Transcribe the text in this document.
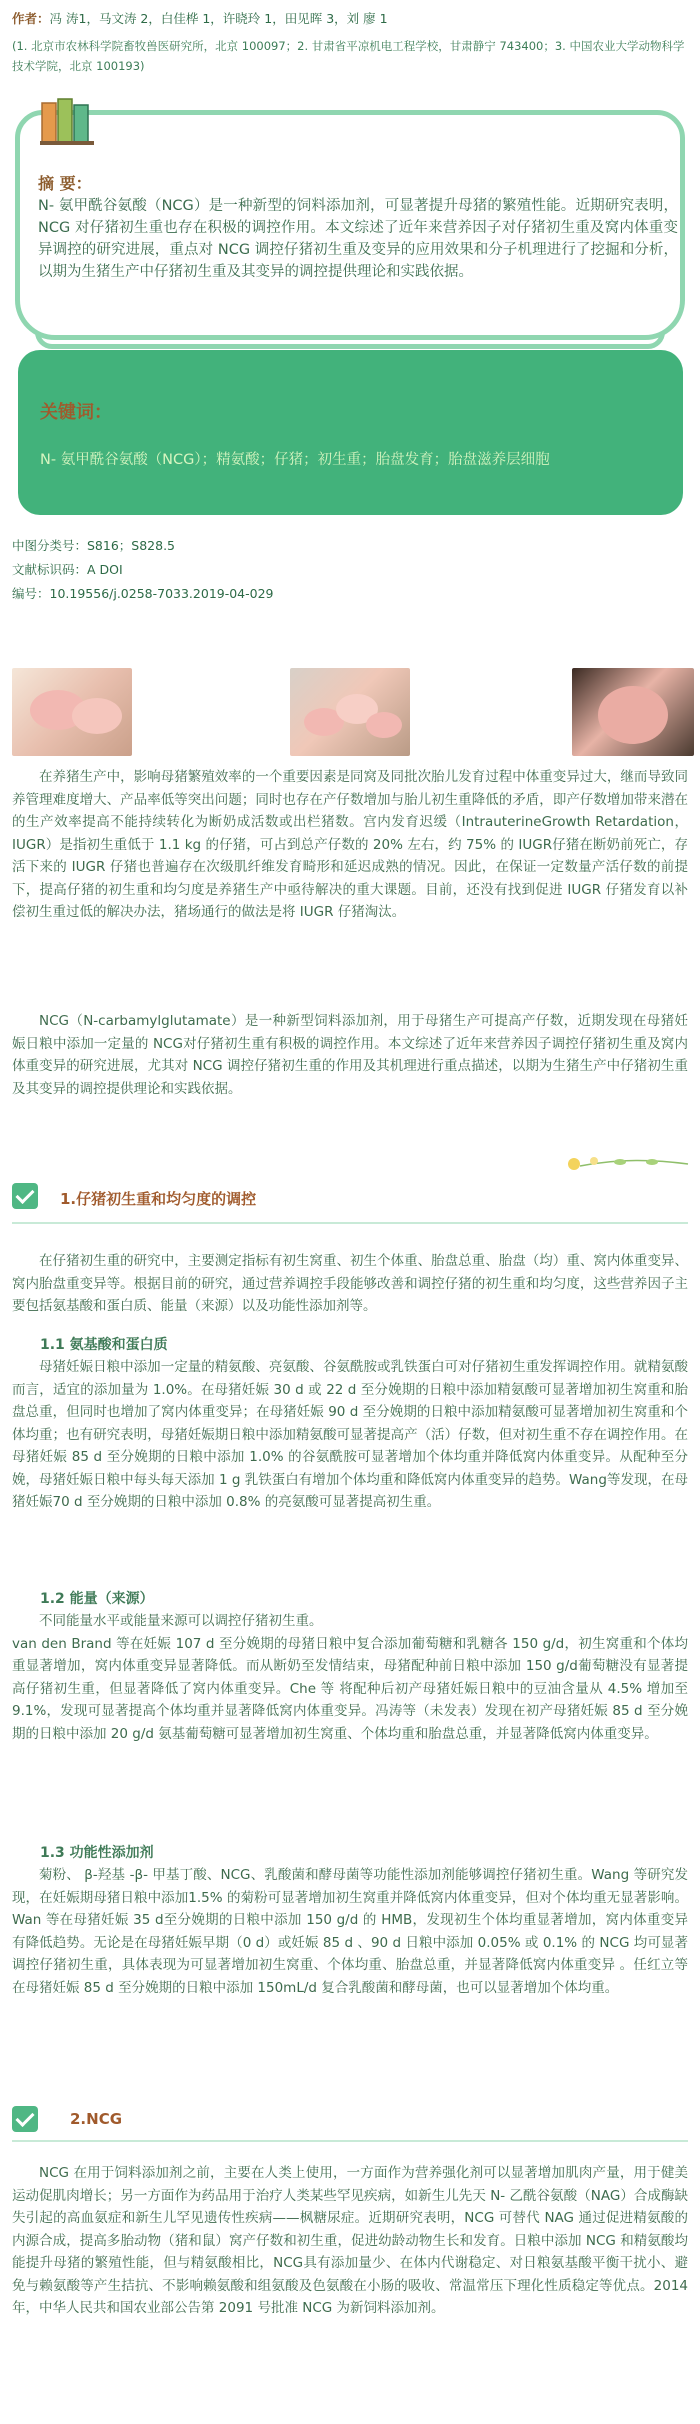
作者：冯 涛1，马文涛 2，白佳桦 1，许晓玲 1，田见晖 3，刘 廖 1
(1. 北京市农林科学院畜牧兽医研究所，北京 100097；2. 甘肃省平凉机电工程学校，甘肃静宁 743400；3. 中国农业大学动物科学技术学院，北京 100193)
摘 要：
N- 氨甲酰谷氨酸（NCG）是一种新型的饲料添加剂，可显著提升母猪的繁殖性能。近期研究表明，NCG 对仔猪初生重也存在积极的调控作用。本文综述了近年来营养因子对仔猪初生重及窝内体重变异调控的研究进展，重点对 NCG 调控仔猪初生重及变异的应用效果和分子机理进行了挖掘和分析，以期为生猪生产中仔猪初生重及其变异的调控提供理论和实践依据。
关键词：
N- 氨甲酰谷氨酸（NCG）；精氨酸；仔猪；初生重；胎盘发育；胎盘滋养层细胞
中图分类号：S816；S828.5
文献标识码：A DOI
编号：10.19556/j.0258-7033.2019-04-029
在养猪生产中，影响母猪繁殖效率的一个重要因素是同窝及同批次胎儿发育过程中体重变异过大，继而导致同养管理难度增大、产品率低等突出问题；同时也存在产仔数增加与胎儿初生重降低的矛盾，即产仔数增加带来潜在的生产效率提高不能持续转化为断奶成活数或出栏猪数。宫内发育迟缓（IntrauterineGrowth Retardation，IUGR）是指初生重低于 1.1 kg 的仔猪，可占到总产仔数的 20% 左右，约 75% 的 IUGR仔猪在断奶前死亡，存活下来的 IUGR 仔猪也普遍存在次级肌纤维发育畸形和延迟成熟的情况。因此，在保证一定数量产活仔数的前提下，提高仔猪的初生重和均匀度是养猪生产中亟待解决的重大课题。目前，还没有找到促进 IUGR 仔猪发育以补偿初生重过低的解决办法，猪场通行的做法是将 IUGR 仔猪淘汰。
NCG（N-carbamylglutamate）是一种新型饲料添加剂，用于母猪生产可提高产仔数，近期发现在母猪妊娠日粮中添加一定量的 NCG对仔猪初生重有积极的调控作用。本文综述了近年来营养因子调控仔猪初生重及窝内体重变异的研究进展，尤其对 NCG 调控仔猪初生重的作用及其机理进行重点描述，以期为生猪生产中仔猪初生重及其变异的调控提供理论和实践依据。
1.仔猪初生重和均匀度的调控
在仔猪初生重的研究中，主要测定指标有初生窝重、初生个体重、胎盘总重、胎盘（均）重、窝内体重变异、窝内胎盘重变异等。根据目前的研究，通过营养调控手段能够改善和调控仔猪的初生重和均匀度，这些营养因子主要包括氨基酸和蛋白质、能量（来源）以及功能性添加剂等。
1.1 氨基酸和蛋白质
母猪妊娠日粮中添加一定量的精氨酸、亮氨酸、谷氨酰胺或乳铁蛋白可对仔猪初生重发挥调控作用。就精氨酸而言，适宜的添加量为 1.0%。在母猪妊娠 30 d 或 22 d 至分娩期的日粮中添加精氨酸可显著增加初生窝重和胎盘总重，但同时也增加了窝内体重变异；在母猪妊娠 90 d 至分娩期的日粮中添加精氨酸可显著增加初生窝重和个体均重；也有研究表明，母猪妊娠期日粮中添加精氨酸可显著提高产（活）仔数，但对初生重不存在调控作用。在母猪妊娠 85 d 至分娩期的日粮中添加 1.0% 的谷氨酰胺可显著增加个体均重并降低窝内体重变异。从配种至分娩，母猪妊娠日粮中每头每天添加 1 g 乳铁蛋白有增加个体均重和降低窝内体重变异的趋势。Wang等发现，在母猪妊娠70 d 至分娩期的日粮中添加 0.8% 的亮氨酸可显著提高初生重。
1.2 能量（来源）
不同能量水平或能量来源可以调控仔猪初生重。
van den Brand 等在妊娠 107 d 至分娩期的母猪日粮中复合添加葡萄糖和乳糖各 150 g/d，初生窝重和个体均重显著增加，窝内体重变异显著降低。而从断奶至发情结束，母猪配种前日粮中添加 150 g/d葡萄糖没有显著提高仔猪初生重，但显著降低了窝内体重变异。Che 等 将配种后初产母猪妊娠日粮中的豆油含量从 4.5% 增加至 9.1%，发现可显著提高个体均重并显著降低窝内体重变异。冯涛等（未发表）发现在初产母猪妊娠 85 d 至分娩期的日粮中添加 20 g/d 氨基葡萄糖可显著增加初生窝重、个体均重和胎盘总重，并显著降低窝内体重变异。
1.3 功能性添加剂
菊粉、 β-羟基 -β- 甲基丁酸、NCG、乳酸菌和酵母菌等功能性添加剂能够调控仔猪初生重。Wang 等研究发现，在妊娠期母猪日粮中添加1.5% 的菊粉可显著增加初生窝重并降低窝内体重变异，但对个体均重无显著影响。Wan 等在母猪妊娠 35 d至分娩期的日粮中添加 150 g/d 的 HMB，发现初生个体均重显著增加，窝内体重变异有降低趋势。无论是在母猪妊娠早期（0 d）或妊娠 85 d 、90 d 日粮中添加 0.05% 或 0.1% 的 NCG 均可显著调控仔猪初生重，具体表现为可显著增加初生窝重、个体均重、胎盘总重，并显著降低窝内体重变异 。任红立等在母猪妊娠 85 d 至分娩期的日粮中添加 150mL/d 复合乳酸菌和酵母菌，也可以显著增加个体均重。
2.NCG
NCG 在用于饲料添加剂之前，主要在人类上使用，一方面作为营养强化剂可以显著增加肌肉产量，用于健美运动促肌肉增长；另一方面作为药品用于治疗人类某些罕见疾病，如新生儿先天 N- 乙酰谷氨酸（NAG）合成酶缺失引起的高血氨症和新生儿罕见遗传性疾病——枫糖尿症。近期研究表明，NCG 可替代 NAG 通过促进精氨酸的内源合成，提高多胎动物（猪和鼠）窝产仔数和初生重，促进幼龄动物生长和发育。日粮中添加 NCG 和精氨酸均能提升母猪的繁殖性能，但与精氨酸相比，NCG具有添加量少、在体内代谢稳定、对日粮氨基酸平衡干扰小、避免与赖氨酸等产生拮抗、不影响赖氨酸和组氨酸及色氨酸在小肠的吸收、常温常压下理化性质稳定等优点。2014 年，中华人民共和国农业部公告第 2091 号批准 NCG 为新饲料添加剂。
